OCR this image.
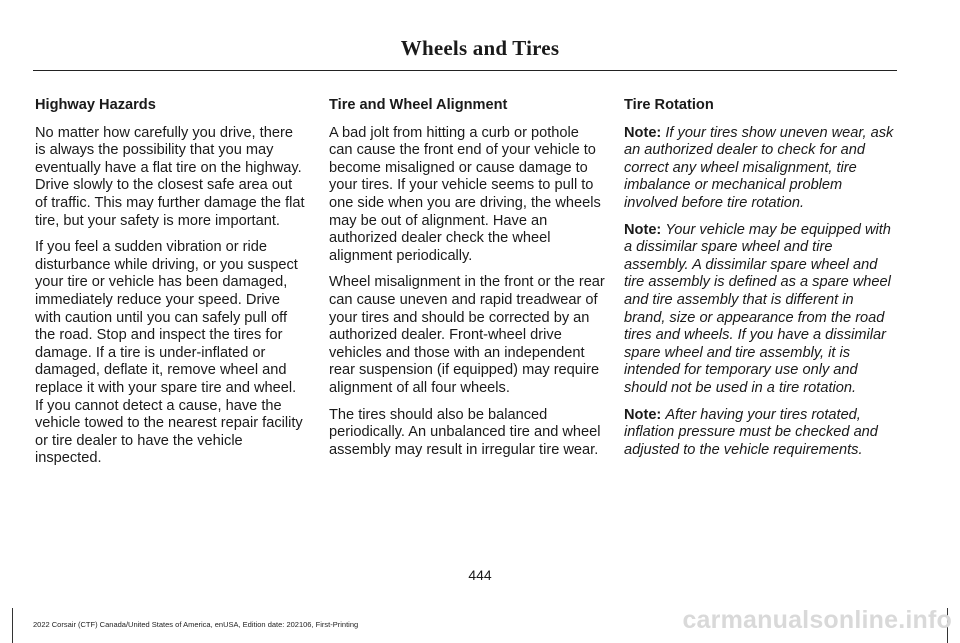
Wheels and Tires
Highway Hazards
No matter how carefully you drive, there is always the possibility that you may eventually have a flat tire on the highway. Drive slowly to the closest safe area out of traffic. This may further damage the flat tire, but your safety is more important.
If you feel a sudden vibration or ride disturbance while driving, or you suspect your tire or vehicle has been damaged, immediately reduce your speed. Drive with caution until you can safely pull off the road. Stop and inspect the tires for damage. If a tire is under-inflated or damaged, deflate it, remove wheel and replace it with your spare tire and wheel. If you cannot detect a cause, have the vehicle towed to the nearest repair facility or tire dealer to have the vehicle inspected.
Tire and Wheel Alignment
A bad jolt from hitting a curb or pothole can cause the front end of your vehicle to become misaligned or cause damage to your tires. If your vehicle seems to pull to one side when you are driving, the wheels may be out of alignment. Have an authorized dealer check the wheel alignment periodically.
Wheel misalignment in the front or the rear can cause uneven and rapid treadwear of your tires and should be corrected by an authorized dealer. Front-wheel drive vehicles and those with an independent rear suspension (if equipped) may require alignment of all four wheels.
The tires should also be balanced periodically. An unbalanced tire and wheel assembly may result in irregular tire wear.
Tire Rotation
Note: If your tires show uneven wear, ask an authorized dealer to check for and correct any wheel misalignment, tire imbalance or mechanical problem involved before tire rotation.
Note: Your vehicle may be equipped with a dissimilar spare wheel and tire assembly. A dissimilar spare wheel and tire assembly is defined as a spare wheel and tire assembly that is different in brand, size or appearance from the road tires and wheels. If you have a dissimilar spare wheel and tire assembly, it is intended for temporary use only and should not be used in a tire rotation.
Note: After having your tires rotated, inflation pressure must be checked and adjusted to the vehicle requirements.
444
2022 Corsair (CTF) Canada/United States of America, enUSA, Edition date: 202106, First-Printing	carmanualsonline.info
